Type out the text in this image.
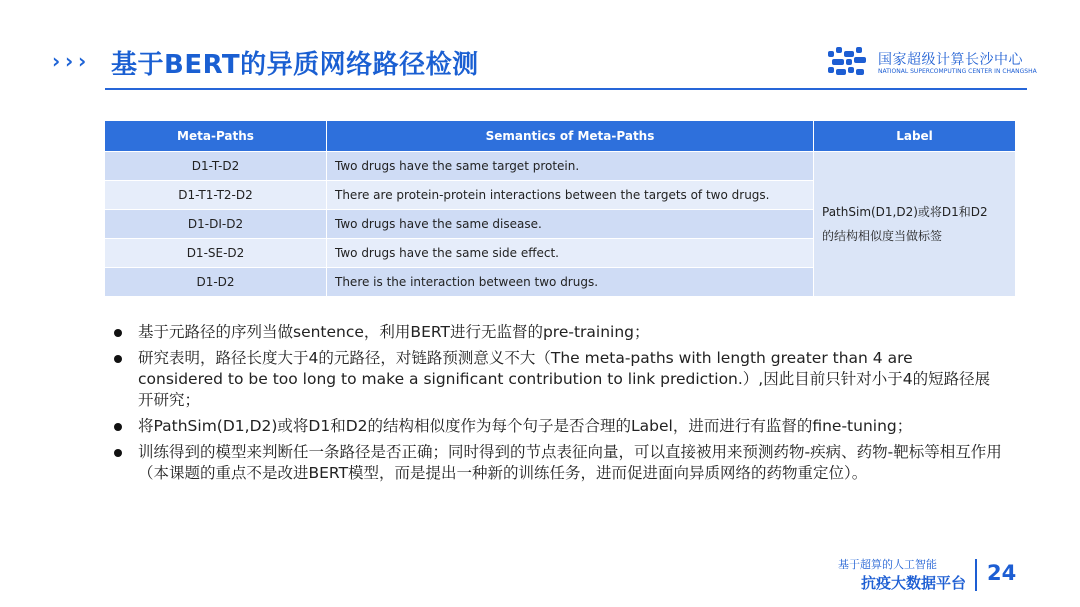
› › › 基于BERT的异质网络路径检测	国家超级计算长沙中心
NATIONAL SUPERCOMPUTING CENTER IN CHANGSHA
Meta-Paths	Semantics of Meta-Paths	Label
D1-T-D2	Two drugs have the same target protein.	PathSim(D1,D2)或将D1和D2
的结构相似度当做标签

D1-T1-T2-D2	There are protein-protein interactions between the targets of two drugs.	
D1-DI-D2	Two drugs have the same disease.	
D1-SE-D2	Two drugs have the same side effect.	
D1-D2	There is the interaction between two drugs.	
基于元路径的序列当做sentence，利用BERT进行无监督的pre-training；
研究表明，路径长度大于4的元路径，对链路预测意义不大（The meta-paths with length greater than 4 are considered to be too long to make a significant contribution to link prediction.）,因此目前只针对小于4的短路径展开研究；
将PathSim(D1,D2)或将D1和D2的结构相似度作为每个句子是否合理的Label，进而进行有监督的fine-tuning；
训练得到的模型来判断任一条路径是否正确；同时得到的节点表征向量，可以直接被用来预测药物-疾病、药物-靶标等相互作用（本课题的重点不是改进BERT模型，而是提出一种新的训练任务，进而促进面向异质网络的药物重定位）。
基于超算的人工智能
抗疫大数据平台 24
